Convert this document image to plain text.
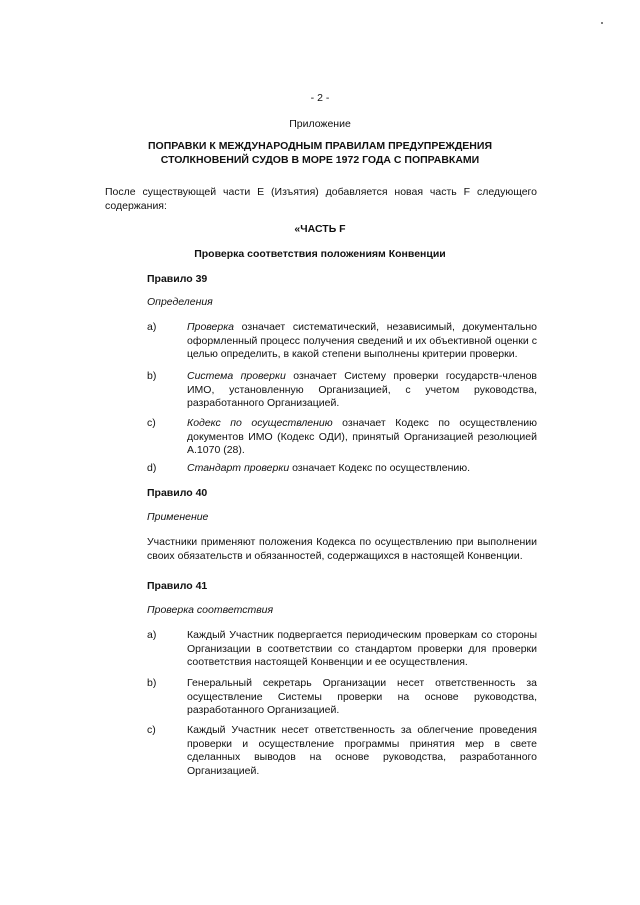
- 2 -
Приложение
ПОПРАВКИ К МЕЖДУНАРОДНЫМ ПРАВИЛАМ ПРЕДУПРЕЖДЕНИЯ
СТОЛКНОВЕНИЙ СУДОВ В МОРЕ 1972 ГОДА С ПОПРАВКАМИ
После существующей части E (Изъятия) добавляется новая часть F следующего содержания:
«ЧАСТЬ F
Проверка соответствия положениям Конвенции
Правило 39
Определения
a)	Проверка означает систематический, независимый, документально оформленный процесс получения сведений и их объективной оценки с целью определить, в какой степени выполнены критерии проверки.
b)	Система проверки означает Систему проверки государств-членов ИМО, установленную Организацией, с учетом руководства, разработанного Организацией.
c)	Кодекс по осуществлению означает Кодекс по осуществлению документов ИМО (Кодекс ОДИ), принятый Организацией резолюцией A.1070 (28).
d)	Стандарт проверки означает Кодекс по осуществлению.
Правило 40
Применение
Участники применяют положения Кодекса по осуществлению при выполнении своих обязательств и обязанностей, содержащихся в настоящей Конвенции.
Правило 41
Проверка соответствия
a)	Каждый Участник подвергается периодическим проверкам со стороны Организации в соответствии со стандартом проверки для проверки соответствия настоящей Конвенции и ее осуществления.
b)	Генеральный секретарь Организации несет ответственность за осуществление Системы проверки на основе руководства, разработанного Организацией.
c)	Каждый Участник несет ответственность за облегчение проведения проверки и осуществление программы принятия мер в свете сделанных выводов на основе руководства, разработанного Организацией.
